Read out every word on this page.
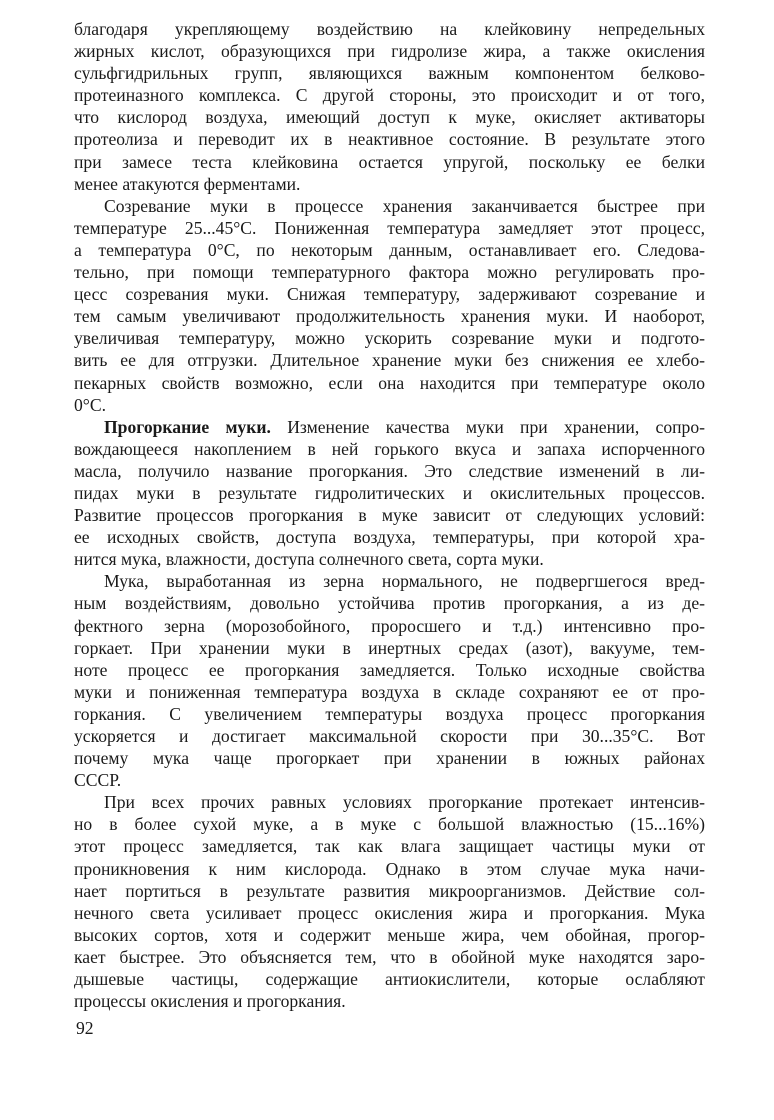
благодаря укрепляющему воздействию на клейковину непредельных
жирных кислот, образующихся при гидролизе жира, а также окисления
сульфгидрильных групп, являющихся важным компонентом белково-
протеиназного комплекса. С другой стороны, это происходит и от того,
что кислород воздуха, имеющий доступ к муке, окисляет активаторы
протеолиза и переводит их в неактивное состояние. В результате этого
при замесе теста клейковина остается упругой, поскольку ее белки
менее атакуются ферментами.
Созревание муки в процессе хранения заканчивается быстрее при
температуре 25...45°С. Пониженная температура замедляет этот процесс,
а температура 0°С, по некоторым данным, останавливает его. Следова-
тельно, при помощи температурного фактора можно регулировать про-
цесс созревания муки. Снижая температуру, задерживают созревание и
тем самым увеличивают продолжительность хранения муки. И наоборот,
увеличивая температуру, можно ускорить созревание муки и подгото-
вить ее для отгрузки. Длительное хранение муки без снижения ее хлебо-
пекарных свойств возможно, если она находится при температуре около
0°С.
Прогоркание муки. Изменение качества муки при хранении, сопро-
вождающееся накоплением в ней горького вкуса и запаха испорченного
масла, получило название прогоркания. Это следствие изменений в ли-
пидах муки в результате гидролитических и окислительных процессов.
Развитие процессов прогоркания в муке зависит от следующих условий:
ее исходных свойств, доступа воздуха, температуры, при которой хра-
нится мука, влажности, доступа солнечного света, сорта муки.
Мука, выработанная из зерна нормального, не подвергшегося вред-
ным воздействиям, довольно устойчива против прогоркания, а из де-
фектного зерна (морозобойного, проросшего и т.д.) интенсивно про-
горкает. При хранении муки в инертных средах (азот), вакууме, тем-
ноте процесс ее прогоркания замедляется. Только исходные свойства
муки и пониженная температура воздуха в складе сохраняют ее от про-
горкания. С увеличением температуры воздуха процесс прогоркания
ускоряется и достигает максимальной скорости при 30...35°С. Вот
почему мука чаще прогоркает при хранении в южных районах
СССР.
При всех прочих равных условиях прогоркание протекает интенсив-
но в более сухой муке, а в муке с большой влажностью (15...16%)
этот процесс замедляется, так как влага защищает частицы муки от
проникновения к ним кислорода. Однако в этом случае мука начи-
нает портиться в результате развития микроорганизмов. Действие сол-
нечного света усиливает процесс окисления жира и прогоркания. Мука
высоких сортов, хотя и содержит меньше жира, чем обойная, прогор-
кает быстрее. Это объясняется тем, что в обойной муке находятся заро-
дышевые частицы, содержащие антиокислители, которые ослабляют
процессы окисления и прогоркания.
92
